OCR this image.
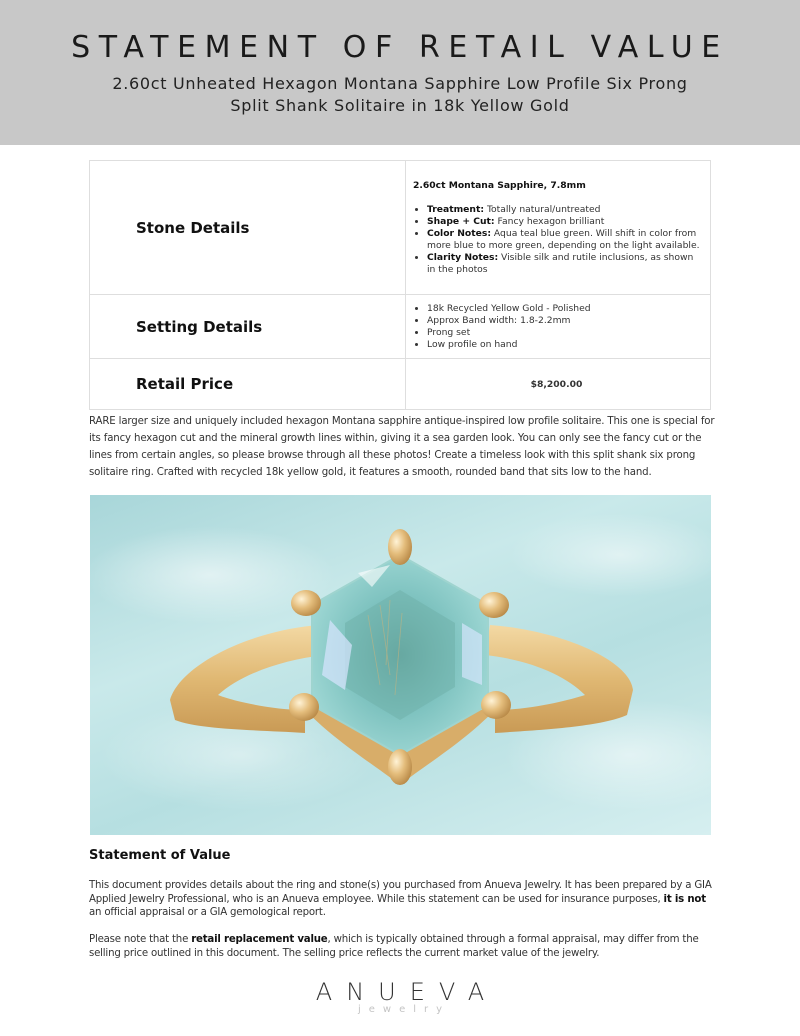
STATEMENT OF RETAIL VALUE
2.60ct Unheated Hexagon Montana Sapphire Low Profile Six Prong
Split Shank Solitaire in 18k Yellow Gold
Stone Details	
2.60ct Montana Sapphire, 7.8mm
• Treatment: Totally natural/untreated
• Shape + Cut: Fancy hexagon brilliant
• Color Notes: Aqua teal blue green. Will shift in color from more blue to more green, depending on the light available.
• Clarity Notes: Visible silk and rutile inclusions, as shown in the photos

Setting Details	
• 18k Recycled Yellow Gold - Polished
• Approx Band width: 1.8-2.2mm
• Prong set
• Low profile on hand

Retail Price	$8,200.00
RARE larger size and uniquely included hexagon Montana sapphire antique-inspired low profile solitaire. This one is special for its fancy hexagon cut and the mineral growth lines within, giving it a sea garden look. You can only see the fancy cut or the lines from certain angles, so please browse through all these photos! Create a timeless look with this split shank six prong solitaire ring. Crafted with recycled 18k yellow gold, it features a smooth, rounded band that sits low to the hand.
Statement of Value
This document provides details about the ring and stone(s) you purchased from Anueva Jewelry. It has been prepared by a GIA Applied Jewelry Professional, who is an Anueva employee. While this statement can be used for insurance purposes, it is not an official appraisal or a GIA gemological report.
Please note that the retail replacement value, which is typically obtained through a formal appraisal, may differ from the selling price outlined in this document. The selling price reflects the current market value of the jewelry.
ANUEVA
jewelry
